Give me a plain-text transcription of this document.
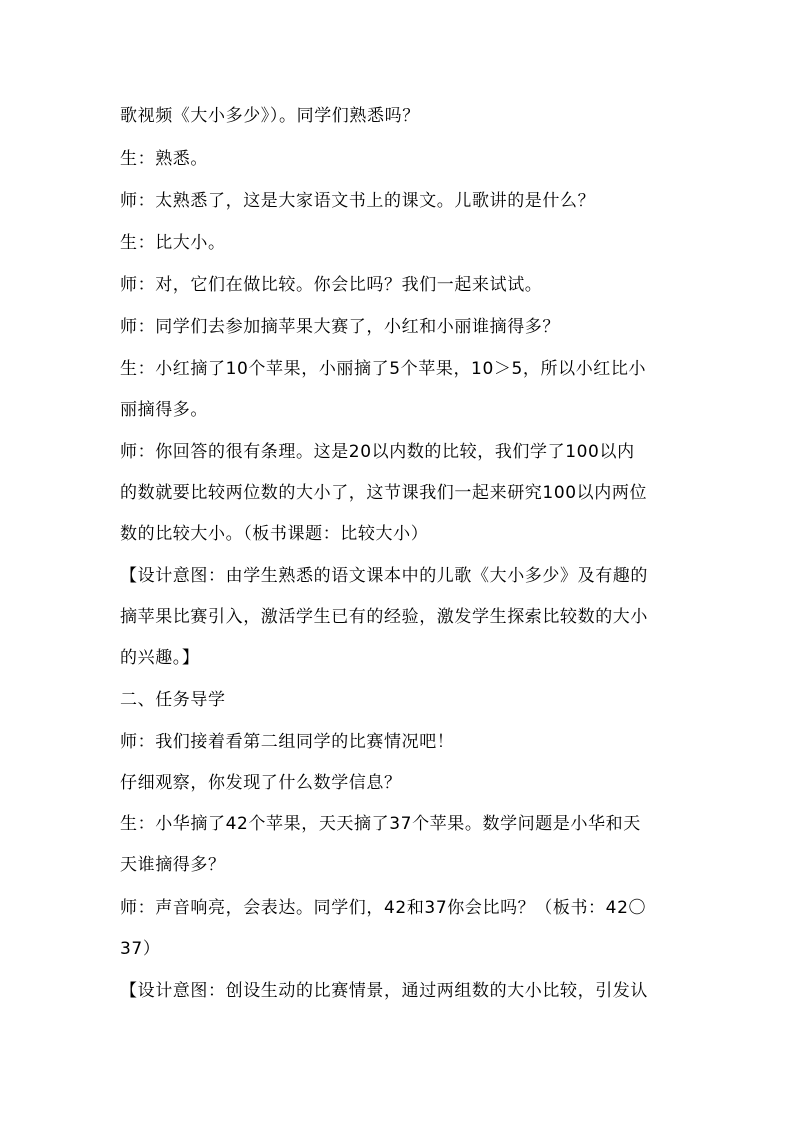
歌视频《大小多少》）。同学们熟悉吗？
生：熟悉。
师：太熟悉了，这是大家语文书上的课文。儿歌讲的是什么？
生：比大小。
师：对，它们在做比较。你会比吗？我们一起来试试。
师：同学们去参加摘苹果大赛了，小红和小丽谁摘得多？
生：小红摘了10个苹果，小丽摘了5个苹果，10＞5，所以小红比小
丽摘得多。
师：你回答的很有条理。这是20以内数的比较，我们学了100以内
的数就要比较两位数的大小了，这节课我们一起来研究100以内两位
数的比较大小。（板书课题：比较大小）
【设计意图：由学生熟悉的语文课本中的儿歌《大小多少》及有趣的
摘苹果比赛引入，激活学生已有的经验，激发学生探索比较数的大小
的兴趣。】
二、任务导学
师：我们接着看第二组同学的比赛情况吧！
仔细观察，你发现了什么数学信息？
生：小华摘了42个苹果，天天摘了37个苹果。数学问题是小华和天
天谁摘得多？
师：声音响亮，会表达。同学们，42和37你会比吗？（板书：42〇
37）
【设计意图：创设生动的比赛情景，通过两组数的大小比较，引发认
